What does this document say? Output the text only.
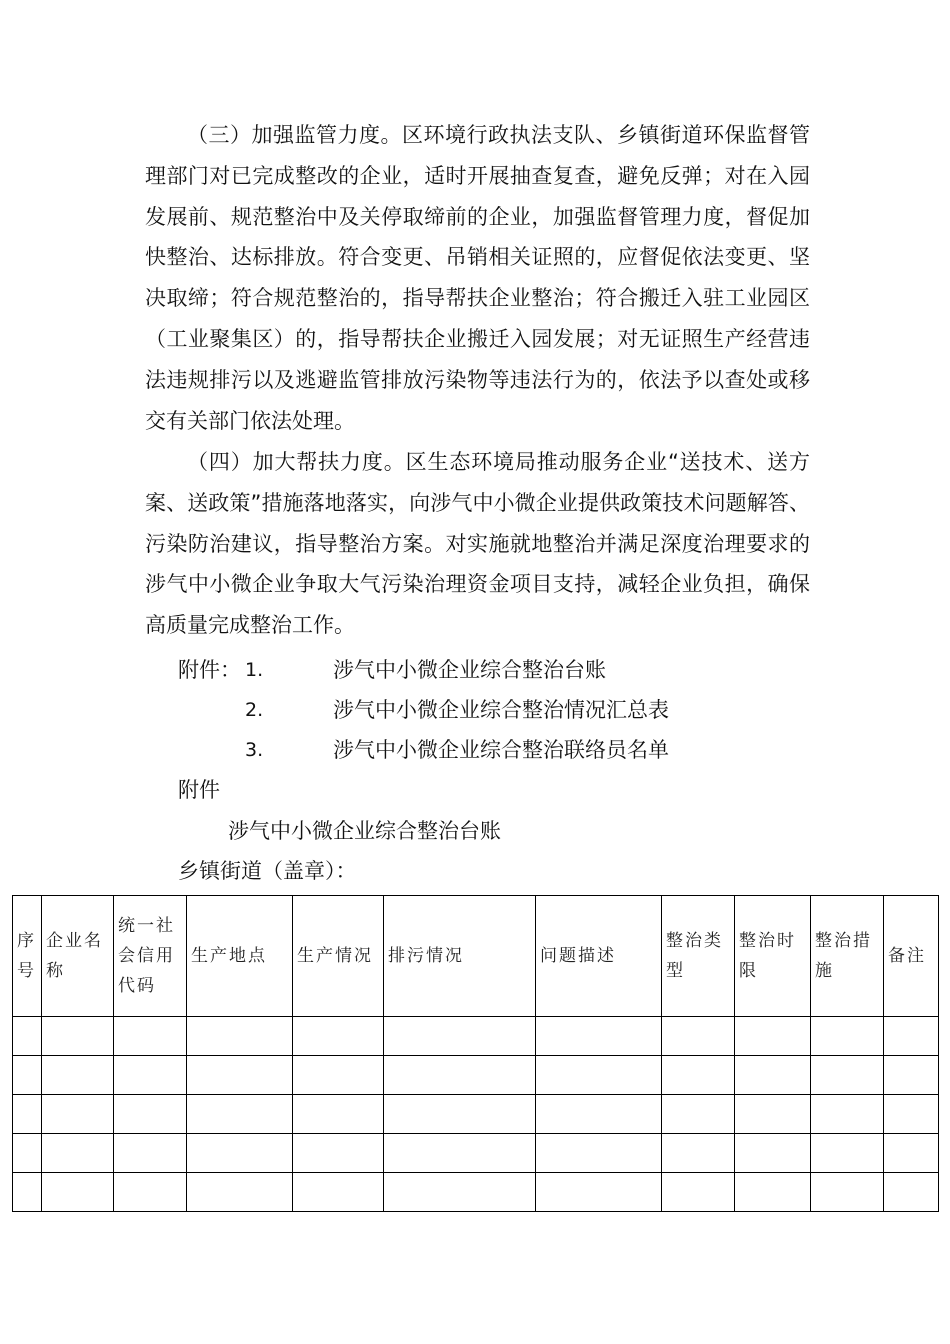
（三）加强监管力度。区环境行政执法支队、乡镇街道环保监督管理部门对已完成整改的企业，适时开展抽查复查，避免反弹；对在入园发展前、规范整治中及关停取缔前的企业，加强监督管理力度，督促加快整治、达标排放。符合变更、吊销相关证照的，应督促依法变更、坚决取缔；符合规范整治的，指导帮扶企业整治；符合搬迁入驻工业园区（工业聚集区）的，指导帮扶企业搬迁入园发展；对无证照生产经营违法违规排污以及逃避监管排放污染物等违法行为的，依法予以查处或移交有关部门依法处理。

（四）加大帮扶力度。区生态环境局推动服务企业“送技术、送方案、送政策”措施落地落实，向涉气中小微企业提供政策技术问题解答、污染防治建议，指导整治方案。对实施就地整治并满足深度治理要求的涉气中小微企业争取大气污染治理资金项目支持，减轻企业负担，确保高质量完成整治工作。

附件： 1.	涉气中小微企业综合整治台账
2.	涉气中小微企业综合整治情况汇总表
3.	涉气中小微企业综合整治联络员名单
附件
涉气中小微企业综合整治台账
乡镇街道（盖章）：
序号	企业名称	统一社会信用代码	生产地点	生产情况	排污情况	问题描述	整治类型	整治时限	整治措施	备注
